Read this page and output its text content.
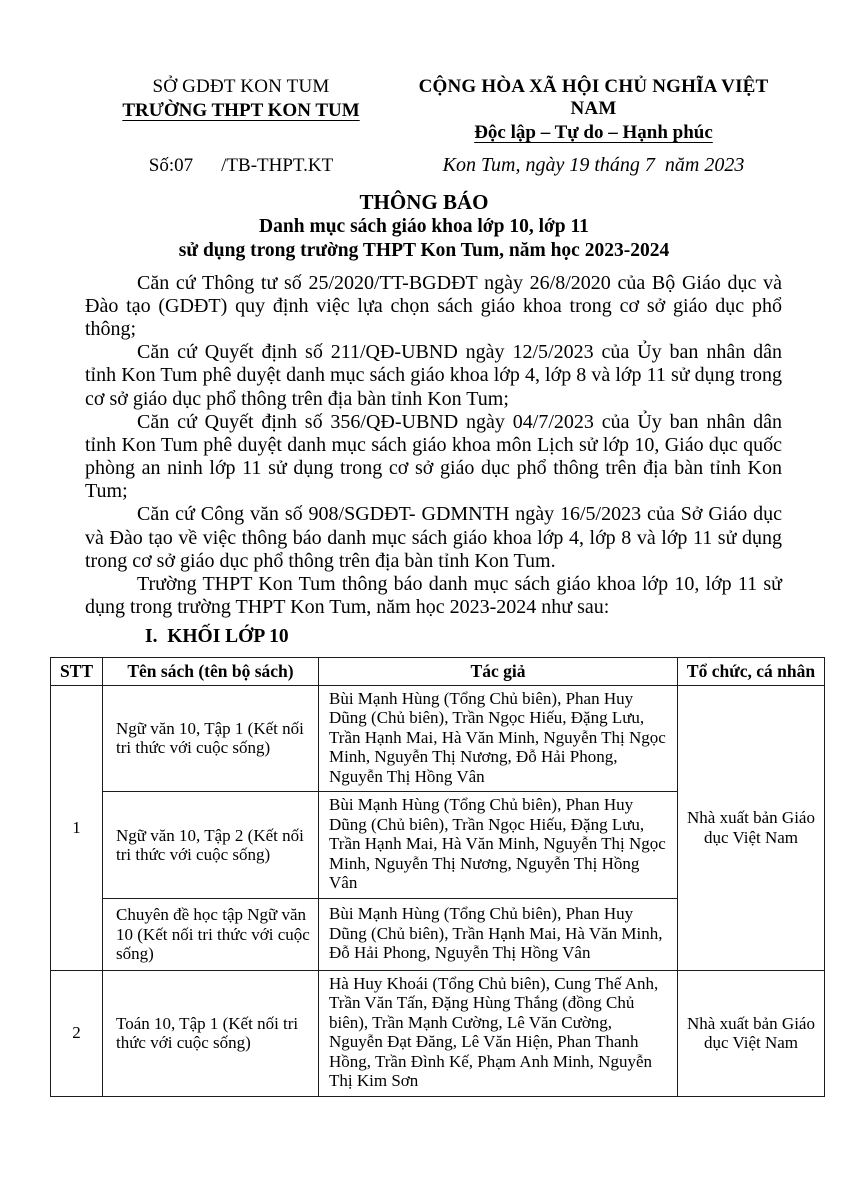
SỞ GDĐT KON TUM
TRƯỜNG THPT KON TUM
CỘNG HÒA XÃ HỘI CHỦ NGHĨA VIỆT NAM
Độc lập – Tự do – Hạnh phúc
Số:07 /TB-THPT.KT	Kon Tum, ngày 19 tháng 7  năm 2023
THÔNG BÁO
Danh mục sách giáo khoa lớp 10, lớp 11
sử dụng trong trường THPT Kon Tum, năm học 2023-2024

Căn cứ Thông tư số 25/2020/TT-BGDĐT ngày 26/8/2020 của Bộ Giáo dục và Đào tạo (GDĐT) quy định việc lựa chọn sách giáo khoa trong cơ sở giáo dục phổ thông;

Căn cứ Quyết định số 211/QĐ-UBND ngày 12/5/2023 của Ủy ban nhân dân tỉnh Kon Tum phê duyệt danh mục sách giáo khoa lớp 4, lớp 8 và lớp 11 sử dụng trong cơ sở giáo dục phổ thông trên địa bàn tỉnh Kon Tum;

Căn cứ Quyết định số 356/QĐ-UBND ngày 04/7/2023 của Ủy ban nhân dân tỉnh Kon Tum phê duyệt danh mục sách giáo khoa môn Lịch sử lớp 10, Giáo dục quốc phòng an ninh lớp 11 sử dụng trong cơ sở giáo dục phổ thông trên địa bàn tỉnh Kon Tum;

Căn cứ Công văn số 908/SGDĐT- GDMNTH ngày 16/5/2023 của Sở Giáo dục và Đào tạo về việc thông báo danh mục sách giáo khoa lớp 4, lớp 8 và lớp 11 sử dụng trong cơ sở giáo dục phổ thông trên địa bàn tỉnh Kon Tum.

Trường THPT Kon Tum thông báo danh mục sách giáo khoa lớp 10, lớp 11 sử dụng trong trường THPT Kon Tum, năm học 2023-2024 như sau:

I.  KHỐI LỚP 10
STT	Tên sách (tên bộ sách)	Tác giả	Tổ chức, cá nhân
1	Ngữ văn 10, Tập 1 (Kết nối tri thức với cuộc sống)	Bùi Mạnh Hùng (Tổng Chủ biên), Phan Huy Dũng (Chủ biên), Trần Ngọc Hiếu, Đặng Lưu, Trần Hạnh Mai, Hà Văn Minh, Nguyễn Thị Ngọc Minh, Nguyễn Thị Nương, Đỗ Hải Phong, Nguyễn Thị Hồng Vân	Nhà xuất bản Giáo dục Việt Nam
	Ngữ văn 10, Tập 2 (Kết nối tri thức với cuộc sống)	Bùi Mạnh Hùng (Tổng Chủ biên), Phan Huy Dũng (Chủ biên), Trần Ngọc Hiếu, Đặng Lưu, Trần Hạnh Mai, Hà Văn Minh, Nguyễn Thị Ngọc Minh, Nguyễn Thị Nương, Nguyễn Thị Hồng Vân	
	Chuyên đề học tập Ngữ văn 10 (Kết nối tri thức với cuộc sống)	Bùi Mạnh Hùng (Tổng Chủ biên), Phan Huy Dũng (Chủ biên), Trần Hạnh Mai, Hà Văn Minh, Đỗ Hải Phong, Nguyễn Thị Hồng Vân	
2	Toán 10, Tập 1 (Kết nối tri thức với cuộc sống)	Hà Huy Khoái (Tổng Chủ biên), Cung Thế Anh, Trần Văn Tấn, Đặng Hùng Thắng (đồng Chủ biên), Trần Mạnh Cường, Lê Văn Cường, Nguyễn Đạt Đăng, Lê Văn Hiện, Phan Thanh Hồng, Trần Đình Kế, Phạm Anh Minh, Nguyễn Thị Kim Sơn	Nhà xuất bản Giáo dục Việt Nam
